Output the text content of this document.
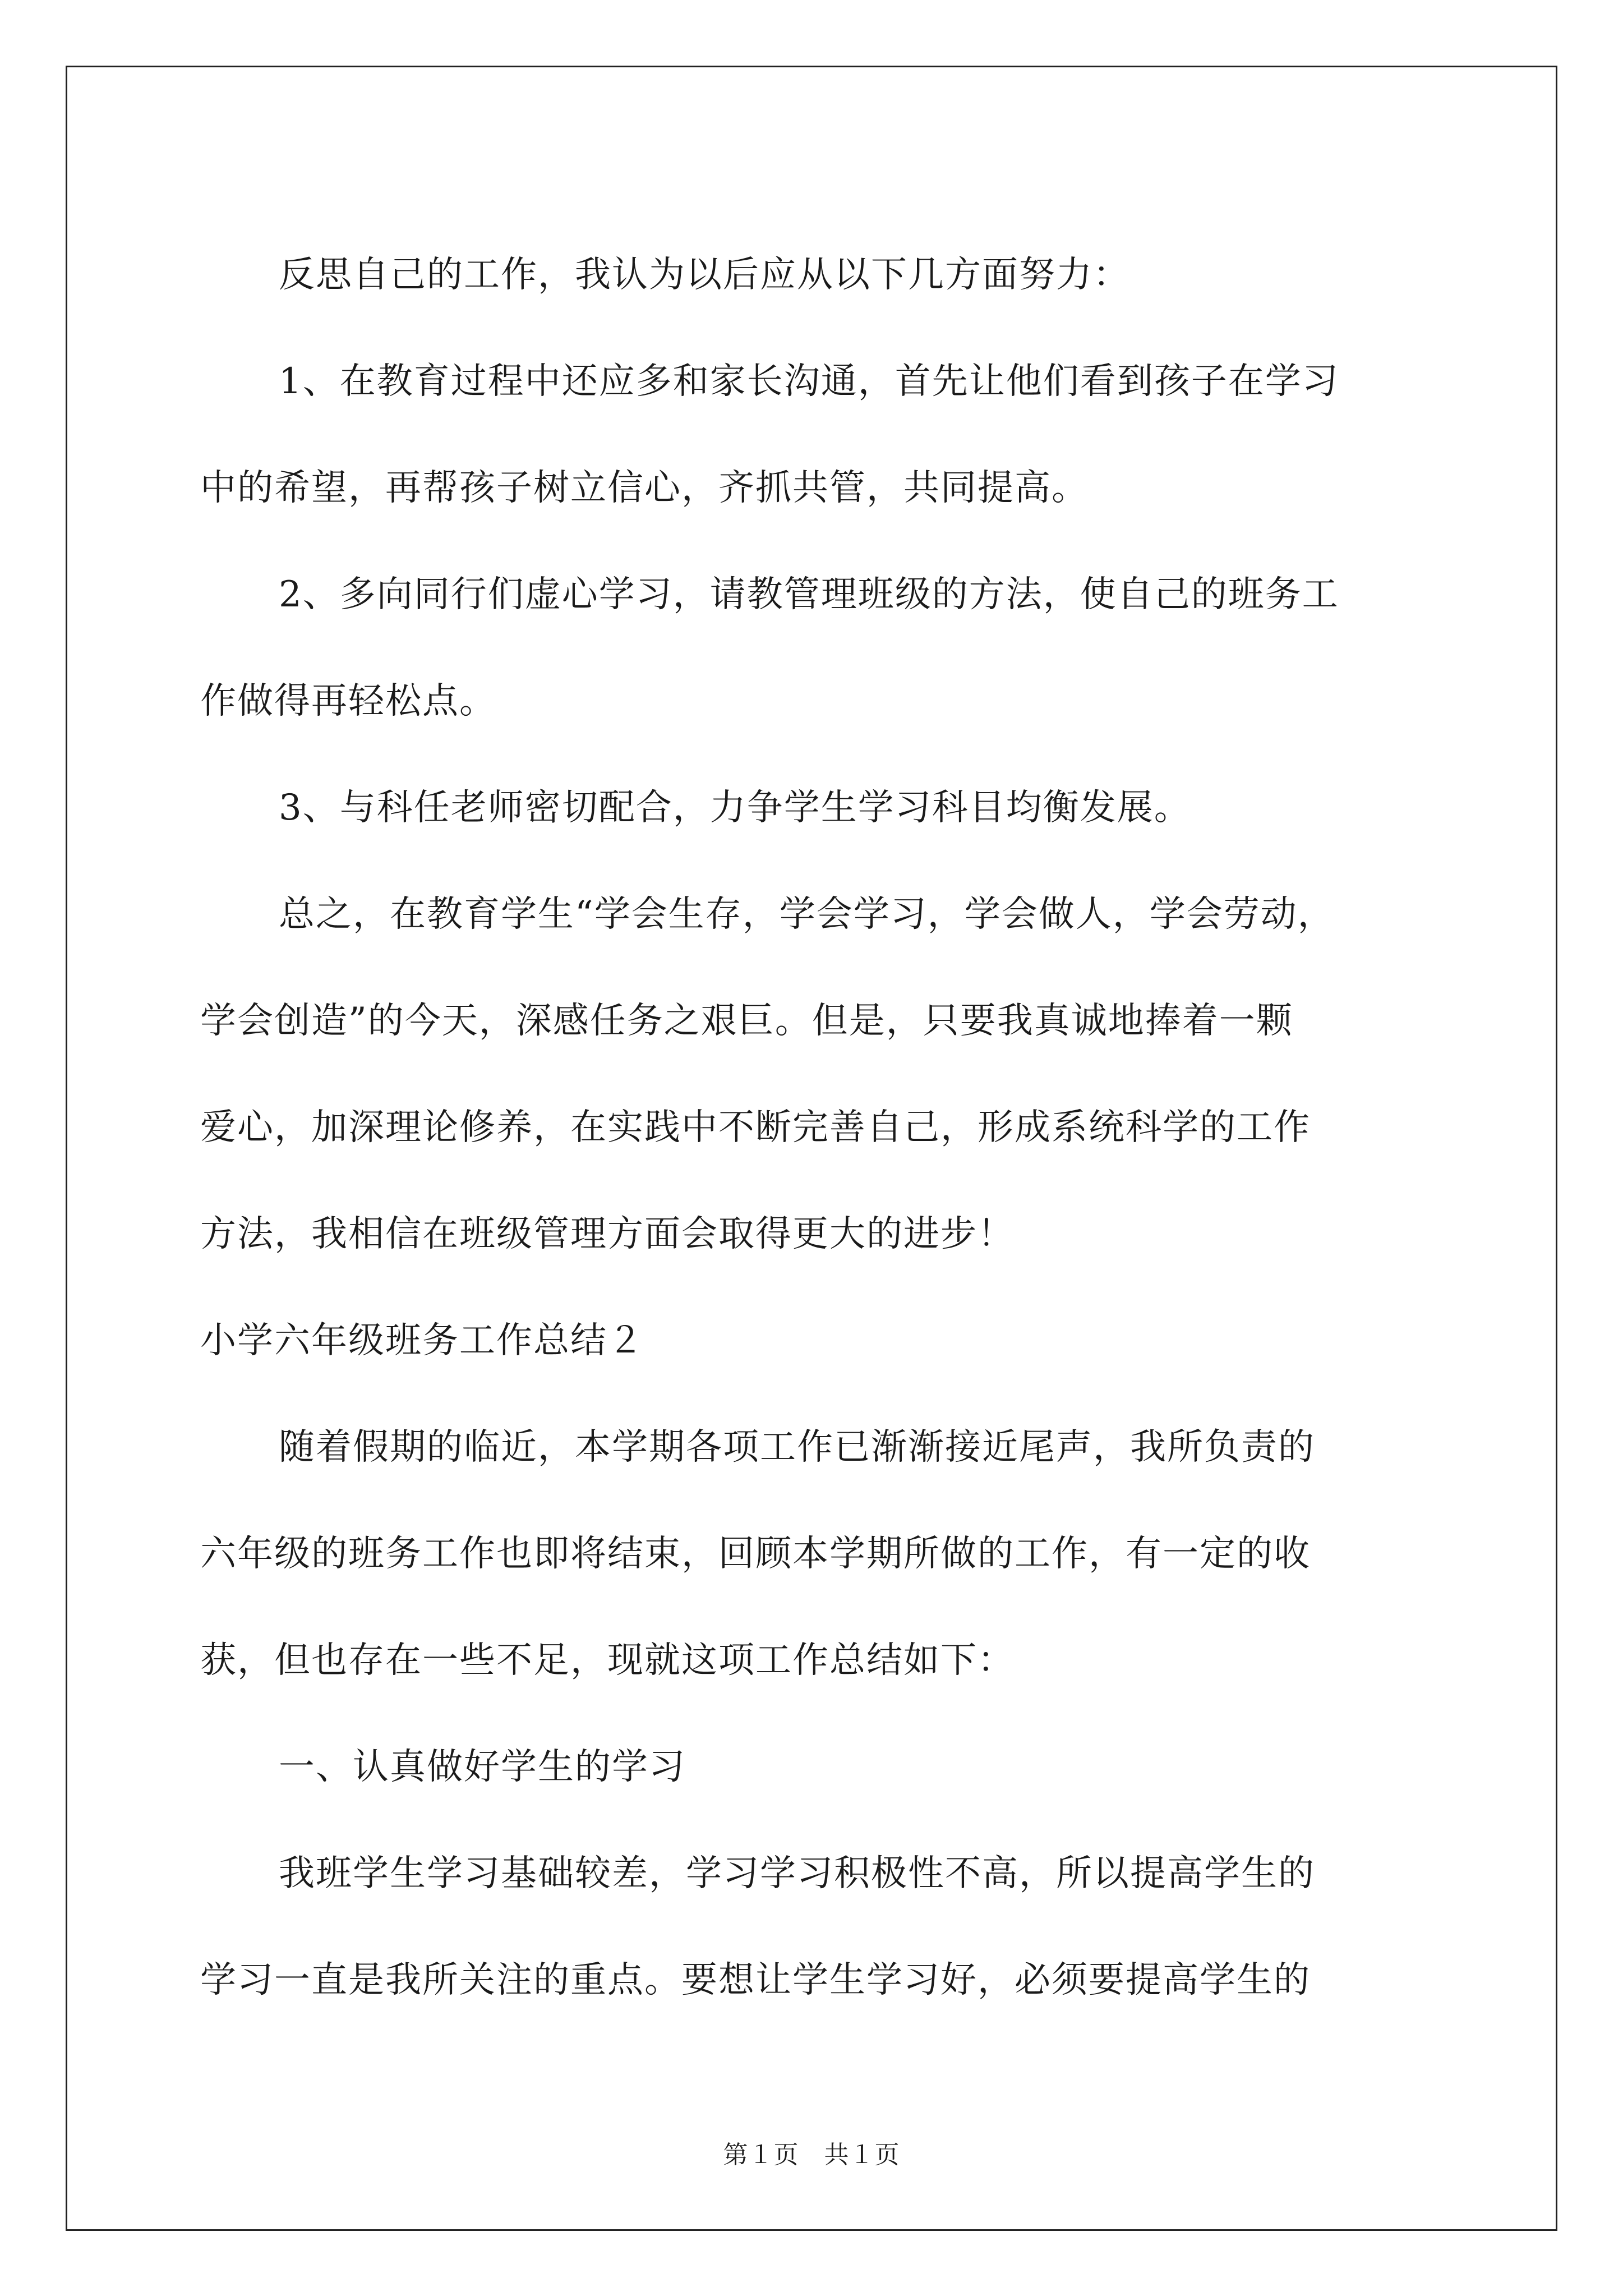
反思自己的工作，我认为以后应从以下几方面努力：
1、在教育过程中还应多和家长沟通，首先让他们看到孩子在学习
中的希望，再帮孩子树立信心，齐抓共管，共同提高。
2、多向同行们虚心学习，请教管理班级的方法，使自己的班务工
作做得再轻松点。
3、与科任老师密切配合，力争学生学习科目均衡发展。
总之，在教育学生“学会生存，学会学习，学会做人，学会劳动，
学会创造”的今天，深感任务之艰巨。但是，只要我真诚地捧着一颗
爱心，加深理论修养，在实践中不断完善自己，形成系统科学的工作
方法，我相信在班级管理方面会取得更大的进步！
小学六年级班务工作总结２
随着假期的临近，本学期各项工作已渐渐接近尾声，我所负责的
六年级的班务工作也即将结束，回顾本学期所做的工作，有一定的收
获，但也存在一些不足，现就这项工作总结如下：
一、认真做好学生的学习
我班学生学习基础较差，学习学习积极性不高，所以提高学生的
学习一直是我所关注的重点。要想让学生学习好，必须要提高学生的
第１页　共１页
